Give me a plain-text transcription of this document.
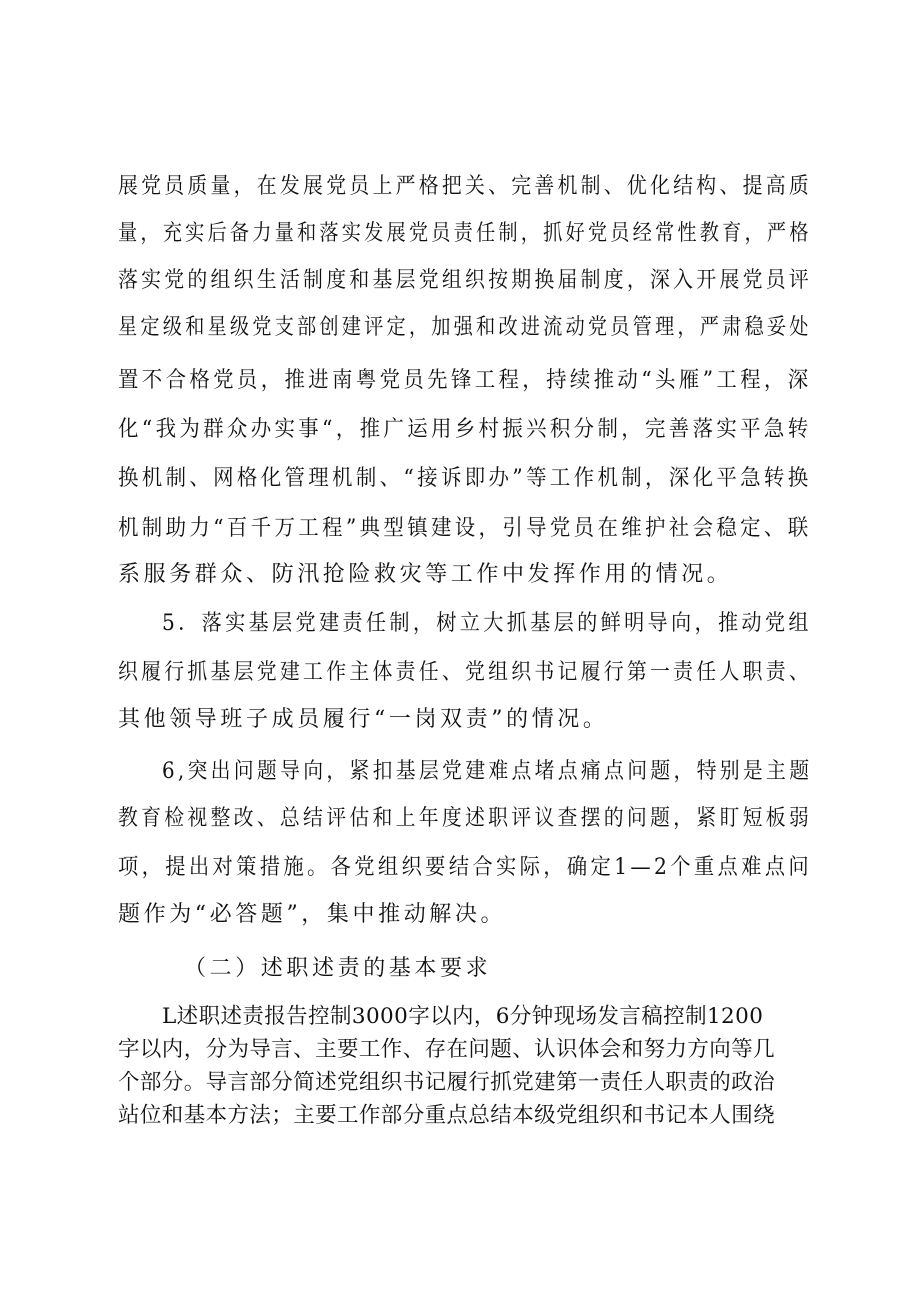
展党员质量，在发展党员上严格把关、完善机制、优化结构、提高质
量，充实后备力量和落实发展党员责任制，抓好党员经常性教育，严格
落实党的组织生活制度和基层党组织按期换届制度，深入开展党员评
星定级和星级党支部创建评定，加强和改进流动党员管理，严肃稳妥处
置不合格党员，推进南粤党员先锋工程，持续推动“头雁”工程，深
化“我为群众办实事“，推广运用乡村振兴积分制，完善落实平急转
换机制、网格化管理机制、“接诉即办”等工作机制，深化平急转换
机制助力“百千万工程”典型镇建设，引导党员在维护社会稳定、联
系服务群众、防汛抢险救灾等工作中发挥作用的情况。
5．落实基层党建责任制，树立大抓基层的鲜明导向，推动党组
织履行抓基层党建工作主体责任、党组织书记履行第一责任人职责、
其他领导班子成员履行“一岗双责”的情况。
6,突出问题导向，紧扣基层党建难点堵点痛点问题，特别是主题
教育检视整改、总结评估和上年度述职评议查摆的问题，紧盯短板弱
项，提出对策措施。各党组织要结合实际，确定1—2个重点难点问
题作为“必答题”，集中推动解决。
（二）述职述责的基本要求
L述职述责报告控制3000字以内，6分钟现场发言稿控制1200
字以内，分为导言、主要工作、存在问题、认识体会和努力方向等几
个部分。导言部分简述党组织书记履行抓党建第一责任人职责的政治
站位和基本方法；主要工作部分重点总结本级党组织和书记本人围绕
